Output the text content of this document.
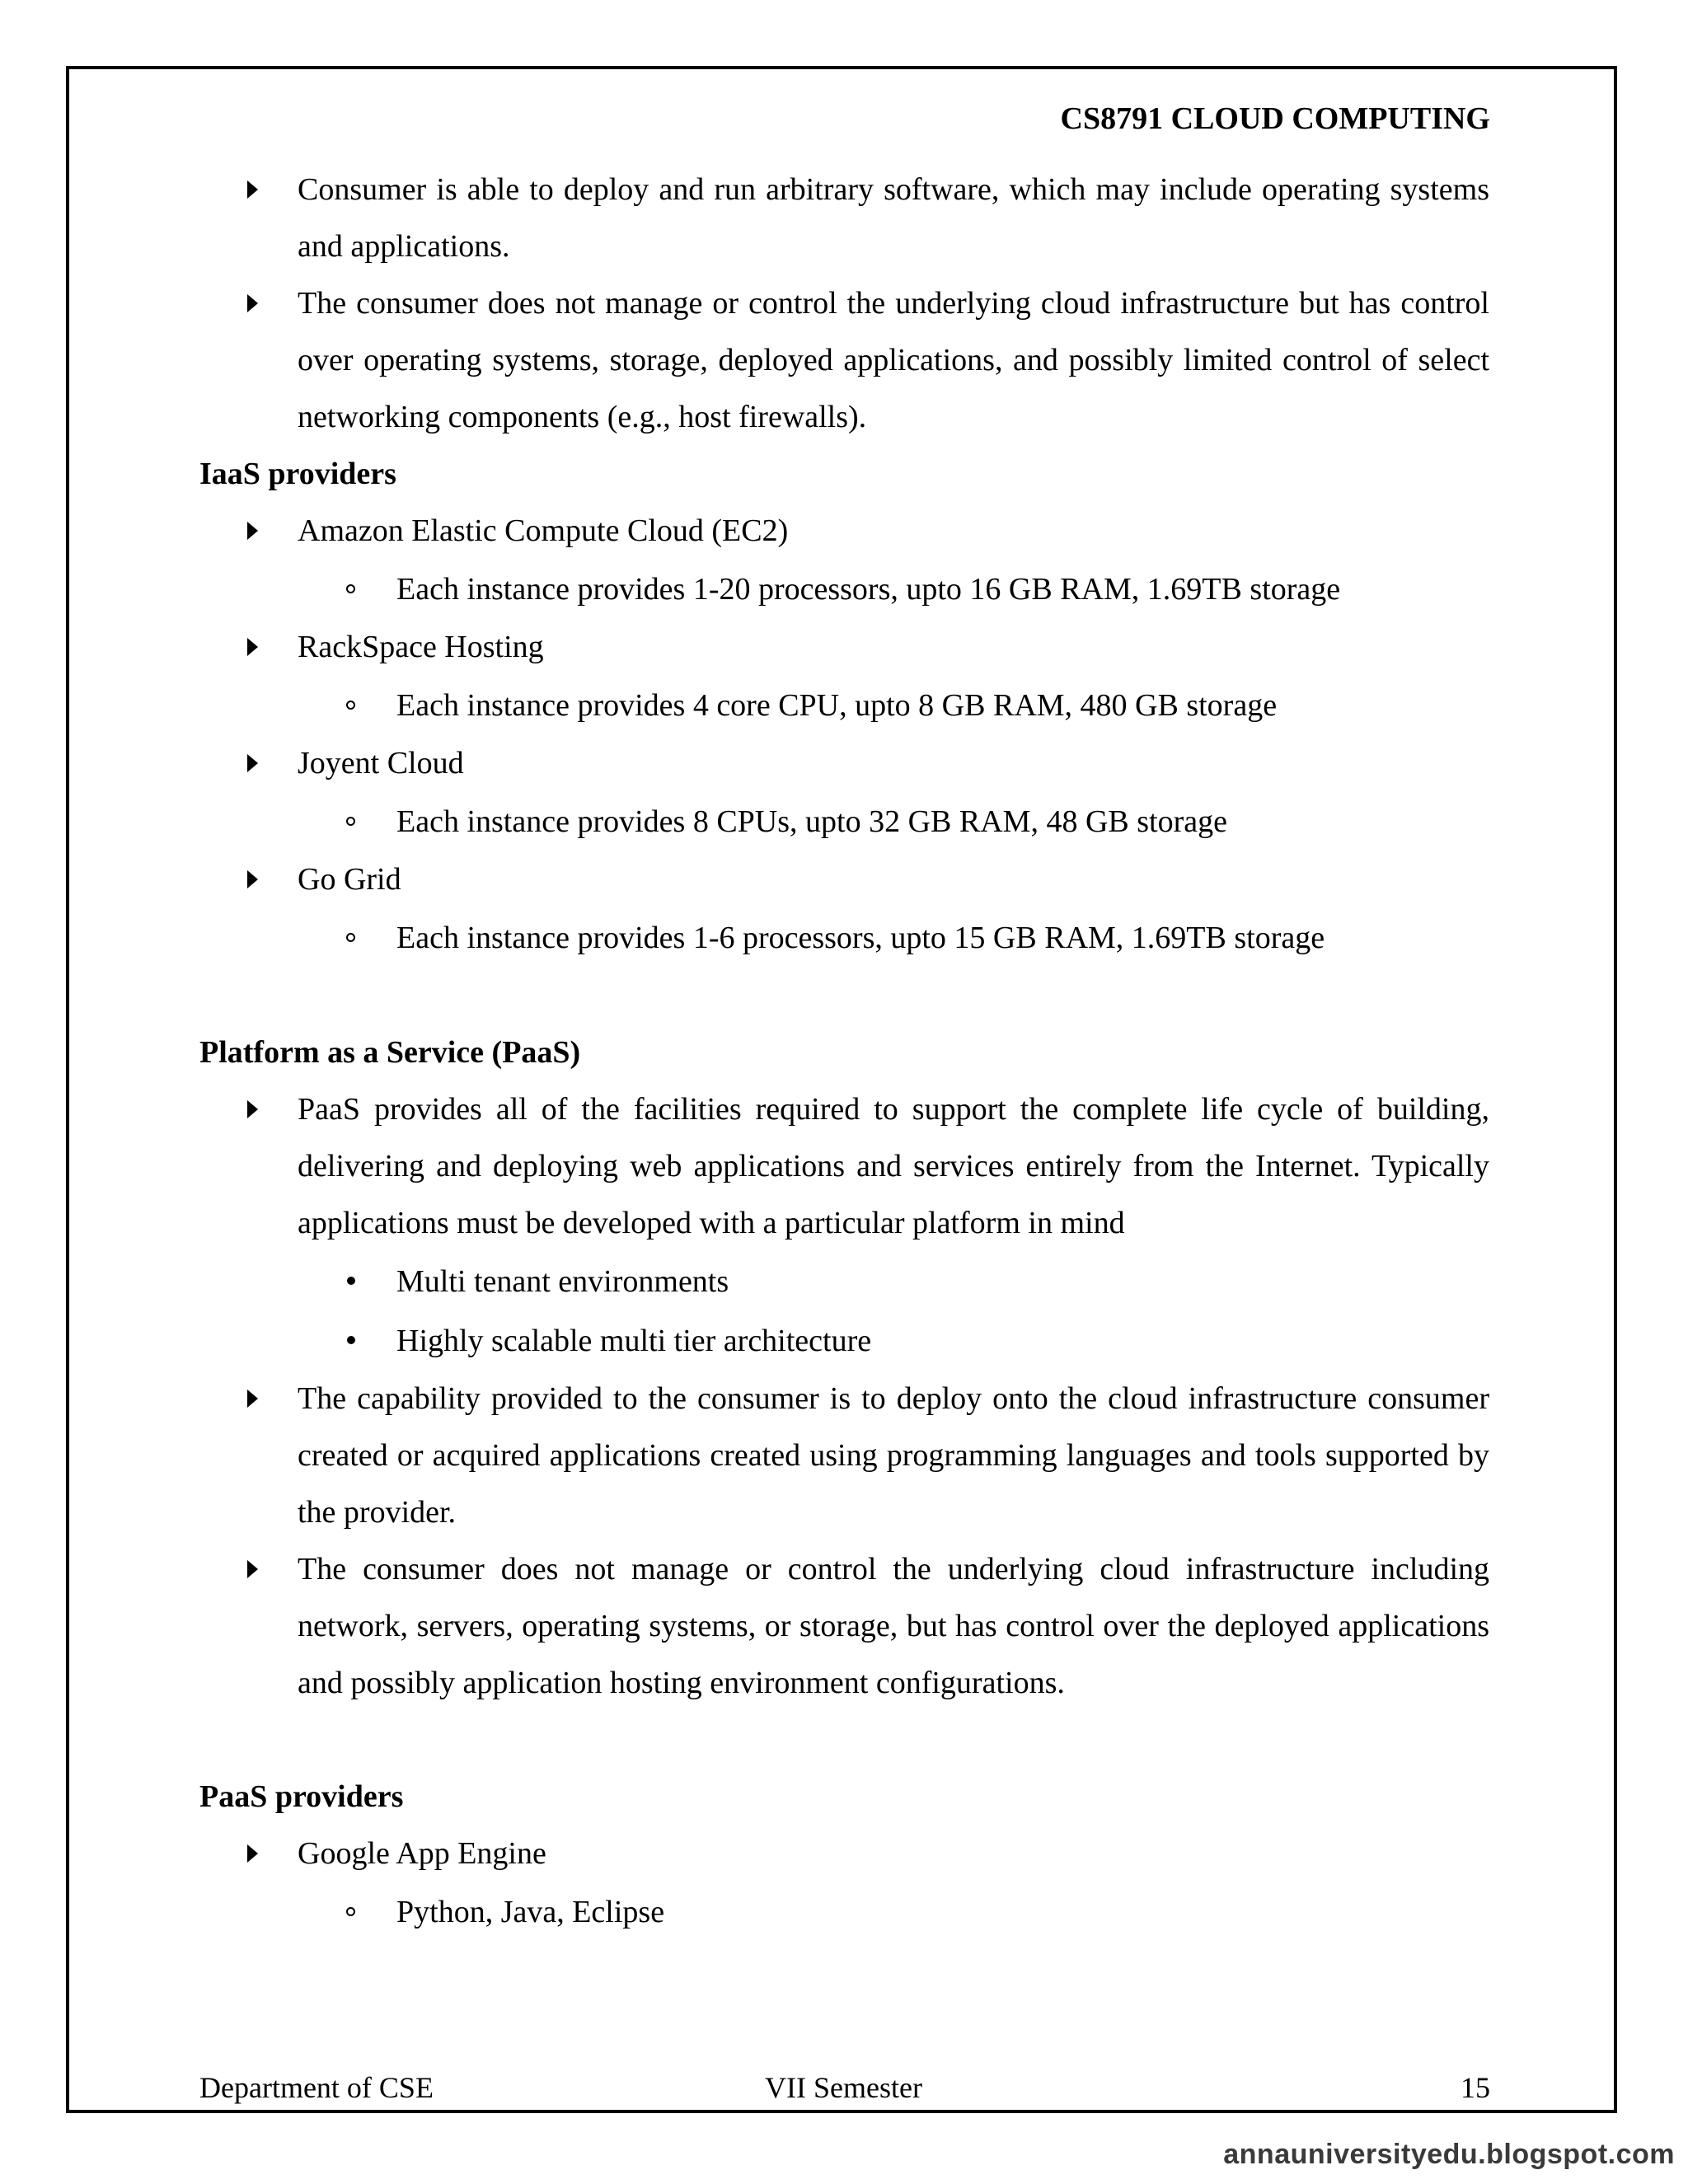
CS8791 CLOUD COMPUTING
Consumer is able to deploy and run arbitrary software, which may include operating systems and applications.
The consumer does not manage or control the underlying cloud infrastructure but has control over operating systems, storage, deployed applications, and possibly limited control of select networking components (e.g., host firewalls).
IaaS providers
Amazon Elastic Compute Cloud (EC2)
Each instance provides 1-20 processors, upto 16 GB RAM, 1.69TB storage
RackSpace Hosting
Each instance provides 4 core CPU, upto 8 GB RAM, 480 GB storage
Joyent Cloud
Each instance provides 8 CPUs, upto 32 GB RAM, 48 GB storage
Go Grid
Each instance provides 1-6 processors, upto 15 GB RAM, 1.69TB storage
Platform as a Service (PaaS)
PaaS provides all of the facilities required to support the complete life cycle of building, delivering and deploying web applications and services entirely from the Internet. Typically applications must be developed with a particular platform in mind
Multi tenant environments
Highly scalable multi tier architecture
The capability provided to the consumer is to deploy onto the cloud infrastructure consumer created or acquired applications created using programming languages and tools supported by the provider.
The consumer does not manage or control the underlying cloud infrastructure including network, servers, operating systems, or storage, but has control over the deployed applications and possibly application hosting environment configurations.
PaaS providers
Google App Engine
Python, Java, Eclipse
Department of CSE	VII Semester	15
annauniversityedu.blogspot.com
